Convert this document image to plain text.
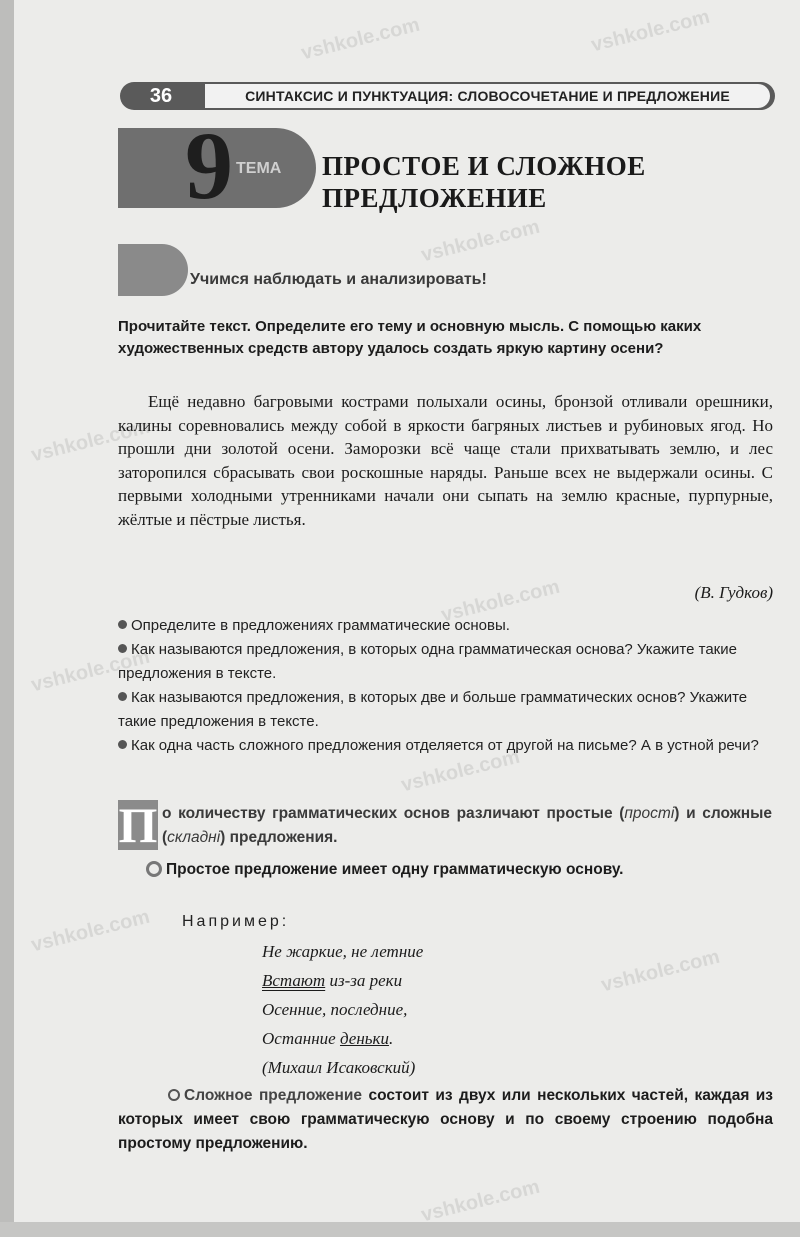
vshkole.com	vshkole.com
vshkole.com
vshkole.com
vshkole.com
vshkole.com
vshkole.com
vshkole.com
vshkole.com
vshkole.com
36	СИНТАКСИС И ПУНКТУАЦИЯ: СЛОВОСОЧЕТАНИЕ И ПРЕДЛОЖЕНИЕ
9 ТЕМА	ПРОСТОЕ И СЛОЖНОЕ
ПРЕДЛОЖЕНИЕ
Учимся наблюдать и анализировать!
Прочитайте текст. Определите его тему и основную мысль. С помощью каких художественных средств автору удалось создать яркую картину осени?
Ещё недавно багровыми кострами полыхали осины, бронзой отливали орешники, калины соревновались между собой в яркости багряных листьев и рубиновых ягод. Но прошли дни золотой осени. Заморозки всё чаще стали прихватывать землю, и лес заторопился сбрасывать свои роскошные наряды. Раньше всех не выдержали осины. С первыми холодными утренниками начали они сыпать на землю красные, пурпурные, жёлтые и пёстрые листья.
(В. Гудков)

Определите в предложениях грамматические основы.

Как называются предложения, в которых одна грамматическая основа? Укажите такие предложения в тексте.

Как называются предложения, в которых две и больше грамматических основ? Укажите такие предложения в тексте.

Как одна часть сложного предложения отделяется от другой на письме? А в устной речи?

П о количеству грамматических основ различают простые (прості) и сложные (складні) предложения.
Простое предложение имеет одну грамматическую основу.
Например:
Не жаркие, не летние
Встают из-за реки
Осенние, последние,
Останние деньки.
(Михаил Исаковский)
Сложное предложение состоит из двух или нескольких частей, каждая из которых имеет свою грамматическую основу и по своему строению подобна простому предложению.
